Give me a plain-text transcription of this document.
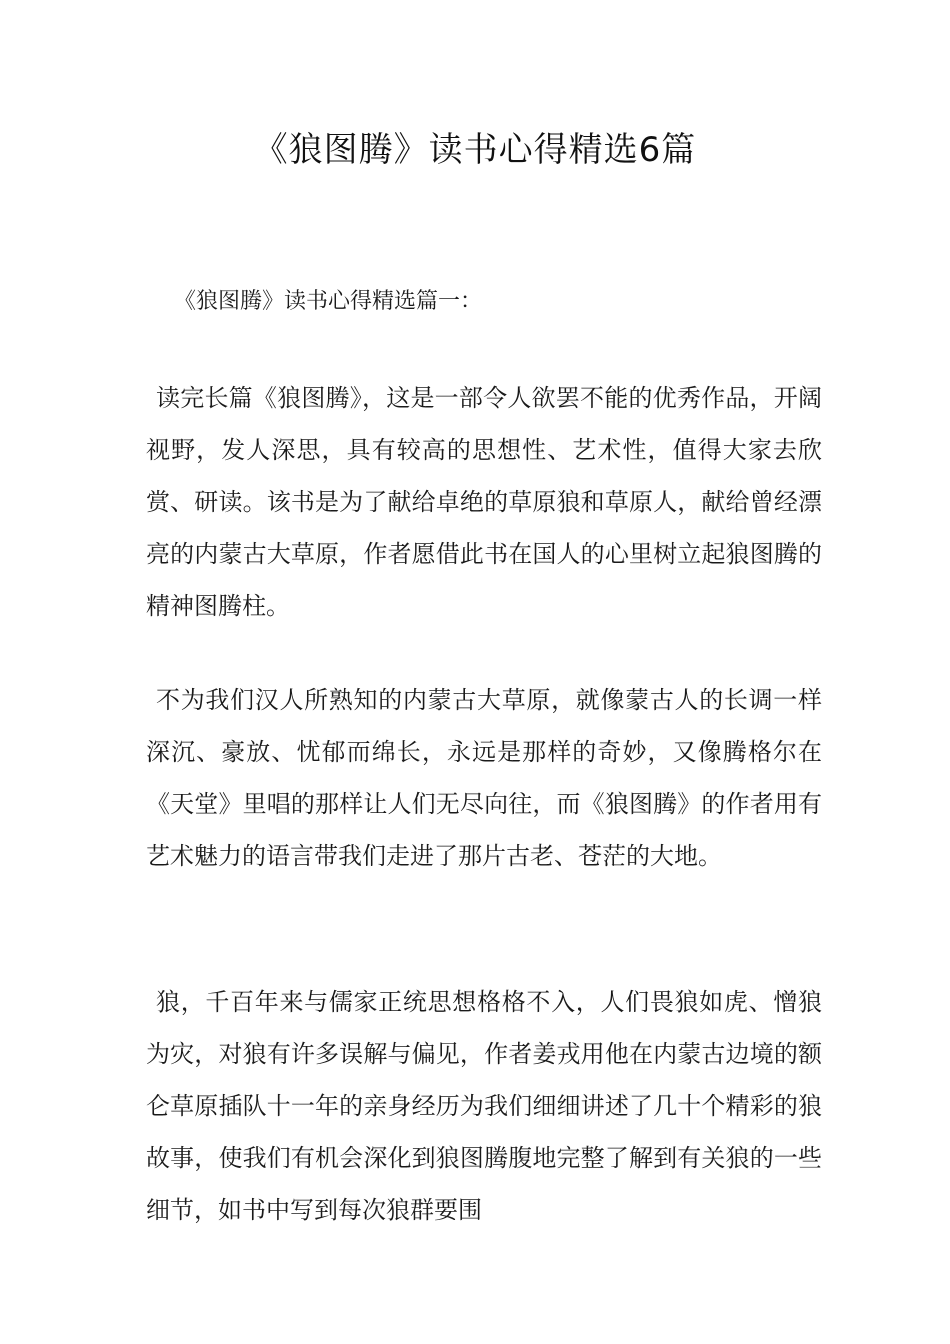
《狼图腾》读书心得精选6篇

《狼图腾》读书心得精选篇一：

读完长篇《狼图腾》，这是一部令人欲罢不能的优秀作品，开阔视野，发人深思，具有较高的思想性、艺术性，值得大家去欣赏、研读。该书是为了献给卓绝的草原狼和草原人，献给曾经漂亮的内蒙古大草原，作者愿借此书在国人的心里树立起狼图腾的精神图腾柱。

不为我们汉人所熟知的内蒙古大草原，就像蒙古人的长调一样深沉、豪放、忧郁而绵长，永远是那样的奇妙，又像腾格尔在《天堂》里唱的那样让人们无尽向往，而《狼图腾》的作者用有艺术魅力的语言带我们走进了那片古老、苍茫的大地。

狼，千百年来与儒家正统思想格格不入，人们畏狼如虎、憎狼为灾，对狼有许多误解与偏见，作者姜戎用他在内蒙古边境的额仑草原插队十一年的亲身经历为我们细细讲述了几十个精彩的狼故事，使我们有机会深化到狼图腾腹地完整了解到有关狼的一些细节，如书中写到每次狼群要围
